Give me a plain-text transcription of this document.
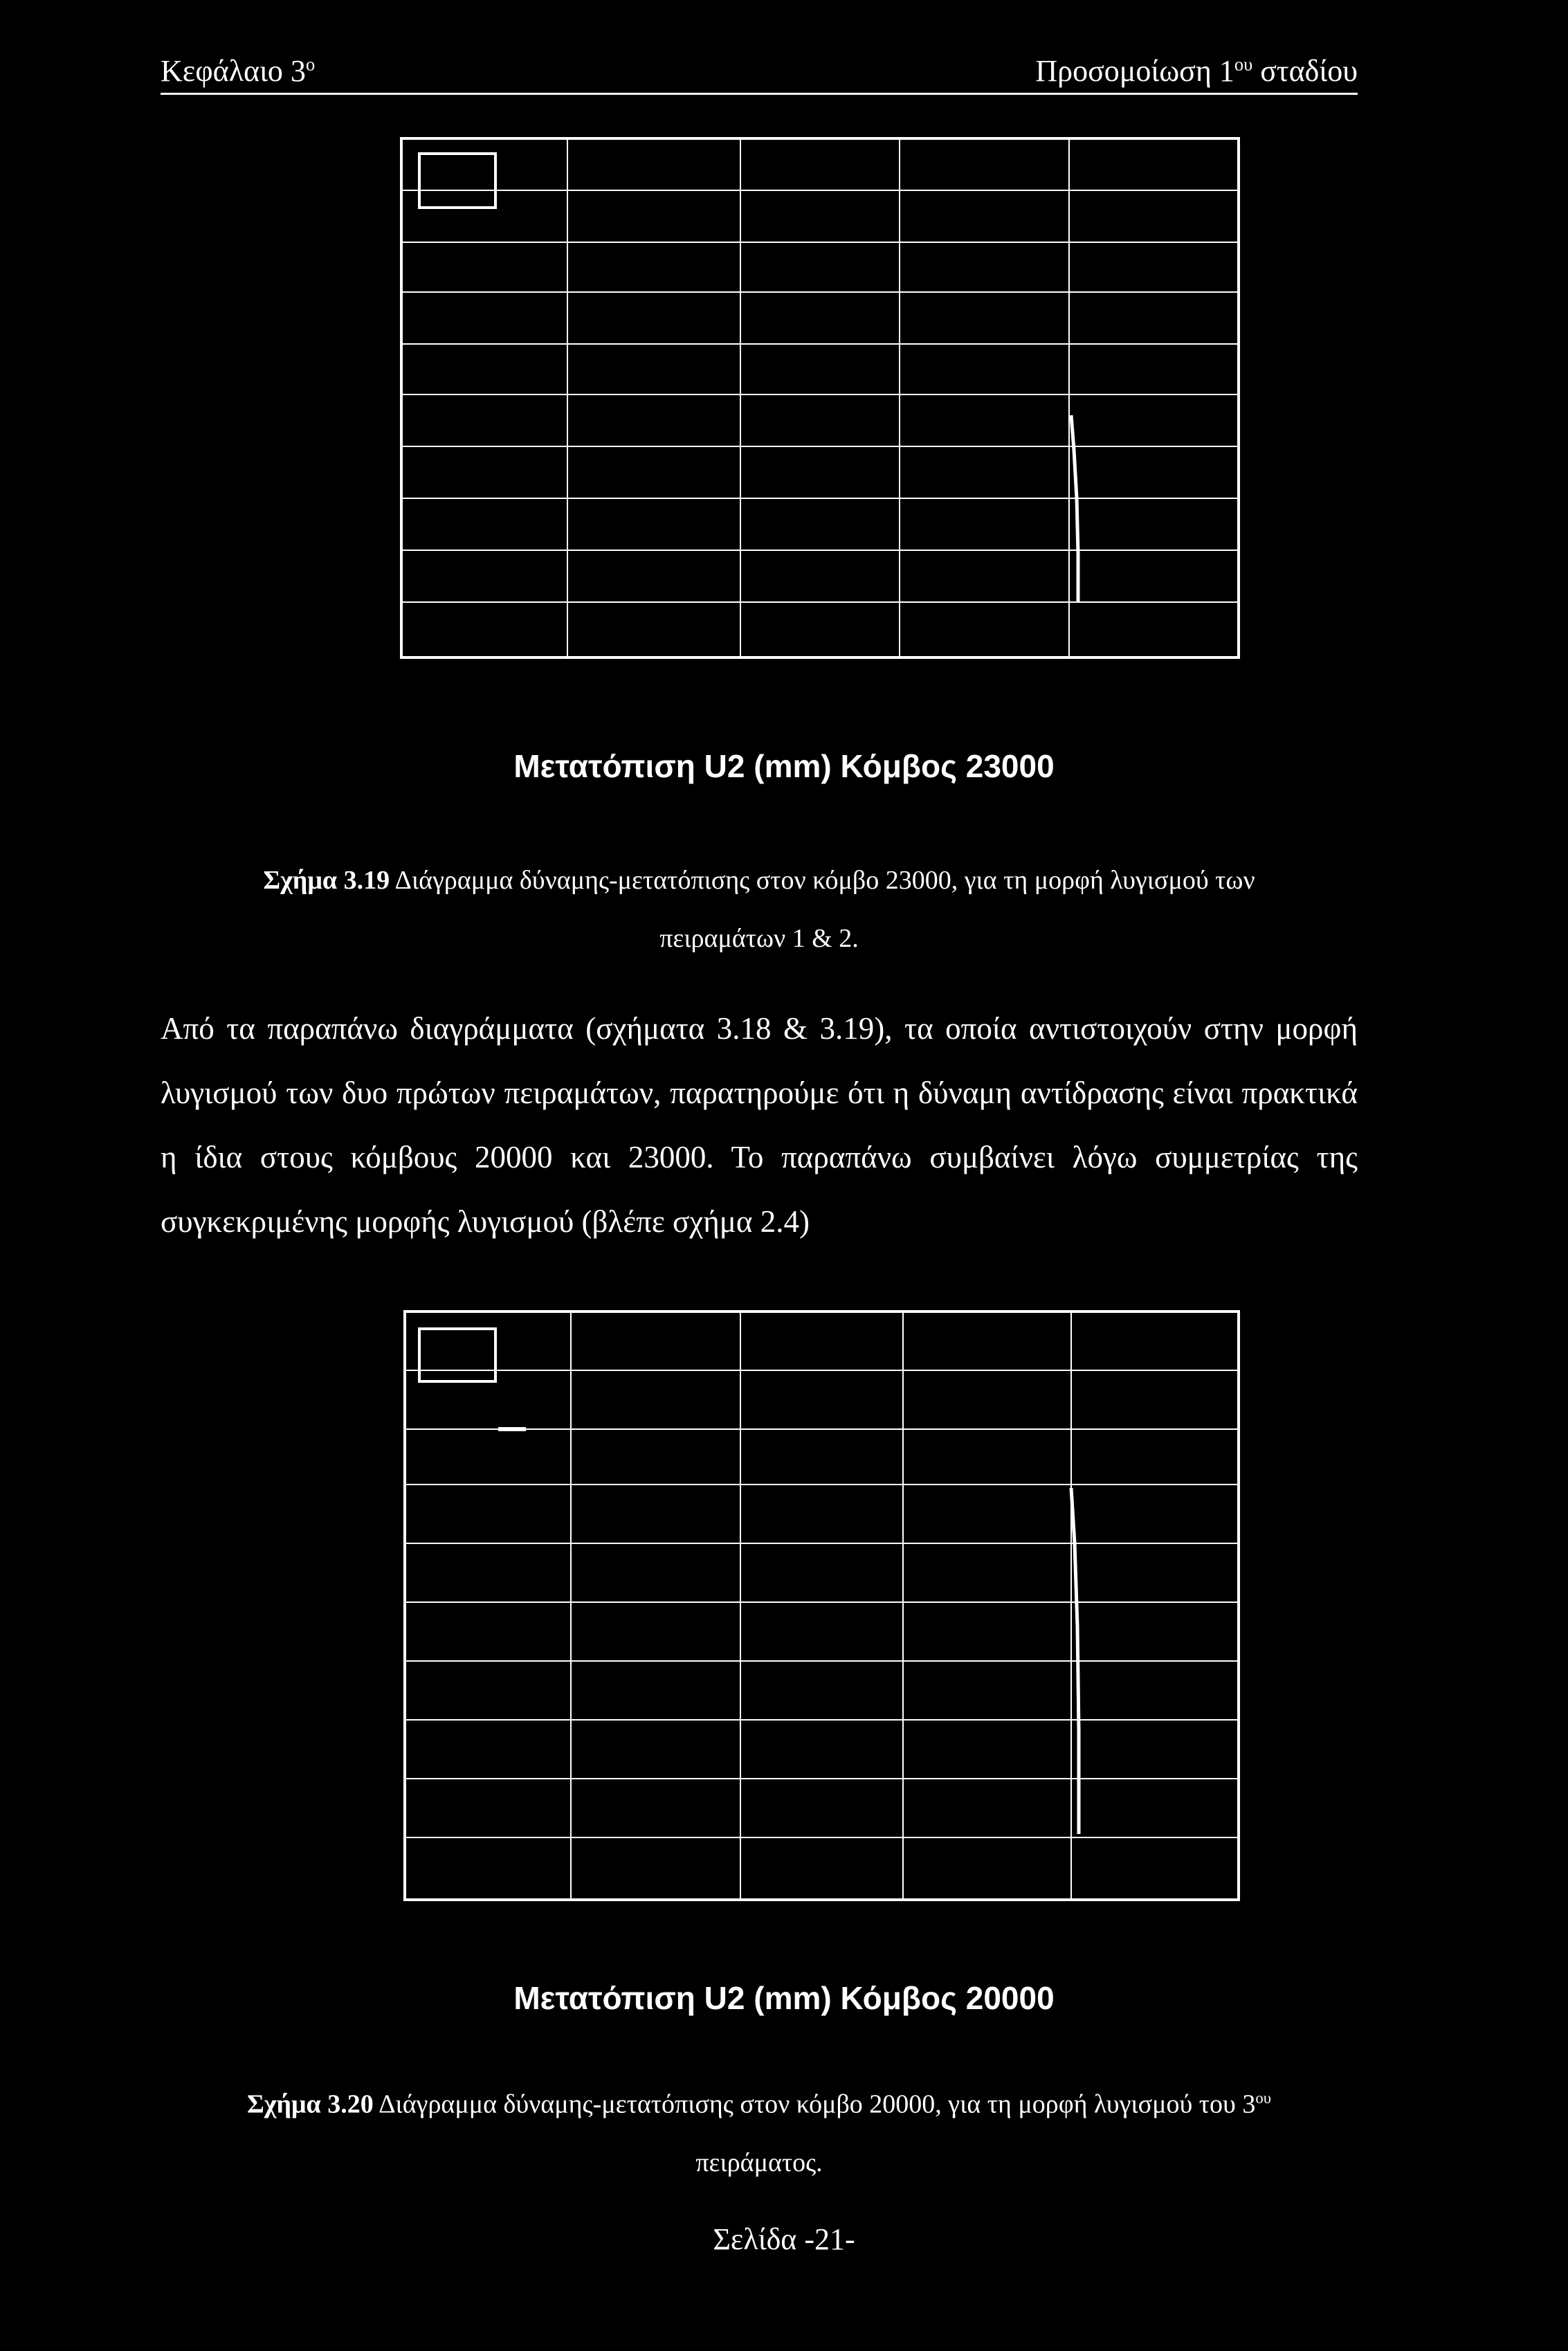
Κεφάλαιο $3^o$	Προσομοίωση $1^{o\upsilon}$ σταδίου
Μετατόπιση U2 (mm) Κόμβος 23000
Σχήμα 3.19 Διάγραμμα δύναμης-μετατόπισης στον κόμβο 23000, για τη μορφή λυγισμού των
πειραμάτων 1 & 2.
Από τα παραπάνω διαγράμματα (σχήματα 3.18 & 3.19), τα οποία αντιστοιχούν στην μορφή λυγισμού των δυο πρώτων πειραμάτων, παρατηρούμε ότι η δύναμη αντίδρασης είναι πρακτικά η ίδια στους κόμβους 20000 και 23000. Το παραπάνω συμβαίνει λόγω συμμετρίας της συγκεκριμένης μορφής λυγισμού (βλέπε σχήμα 2.4)
Μετατόπιση U2 (mm) Κόμβος 20000
Σχήμα 3.20 Διάγραμμα δύναμης-μετατόπισης στον κόμβο 20000, για τη μορφή λυγισμού του $3^{o\upsilon}$
πειράματος.
Σελίδα -21-
